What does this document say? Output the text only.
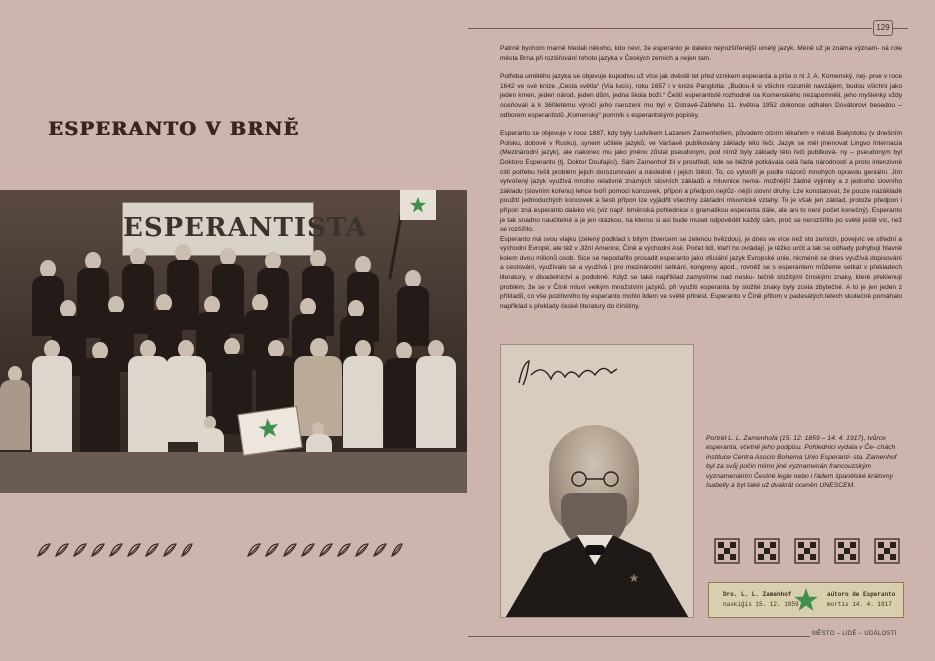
129
ESPERANTO V BRNĚ
ESPERANTISTA

Patrně bychom marně hledali někoho, kdo neví, že esperanto je daleko nejrozšířenější umělý jazyk. Méně už je známa význam- ná role města Brna při rozšiřování tohoto jazyka v Českých zemích a nejen tam.

Potřeba umělého jazyka se objevuje kupodivu už více jak dvěstě let před vznikem esperanta a píše o ní J. A. Komenský, nej- prve v roce 1642 ve své knize „Cesta světla“ (Via lucis), roku 1657 i v knize Panglotia: „Budou-li si všichni rozumět navzájem, budou všichni jako jeden kmen, jeden národ, jeden dům, jedna škola boží.“ Čeští esperantisté rozhodně na Komenského nezapomněli, jeho myšlenky vždy oceňovali a k 360letému výročí jeho narození mu byl v Ostravě-Zábřehu 11. května 1952 dokonce odhalen Dovátorovi besedou – odborem esperantistů „Komenský“ pomník s esperantskými popisky.

Esperanto se objevuje v roce 1887, kdy byly Ludvíkem Lazarem Zamenhofem, původem očním lékařem v městě Białystoku (v dnešním Polsku, dobově v Rusku), synem učitele jazyků, ve Varšavě publikovány základy této řeči. Jazyk se měl jmenovat Lingvo Internacia (Mezinárodní jazyk), ale nakonec mu jako jméno zůstal pseudonym, pod nímž byly základy této řeči publiková- ny – pseudonym byl Doktoro Esperanto (tj. Doktor Doufající). Sám Zamenhof žil v prostředí, kde se běžně potkávala celá řada národností a proto intenzivně cítil potřebu řešit problém jejich dorozumívání a následně i jejich štěstí. To, co vytvořil je podle názorů mnohých opravdu geniální. Jím vytvořený jazyk využívá mnoho relativně známých slovních základů a mluvnice nema- možnější žádné výjimky a z jednoho slovního základu (slovním kořenu) lehce tvoří pomocí koncovek, přípon a předpon nejrůz- nější slovní druhy. Lze konstatovat, že pouze nazákladě použití jednoduchých koncovek a šesti přípon lze vyjádřit všechny základní mluvnické vztahy. To je však jen základ, protože předpon i přípon zná esperanto daleko víc (viz např. brněnská pohlednice s gramatikou esperanta dále, ale ani to není počet konečný). Esperanto je tak snadno naučitelné a je jen otázkou, na kterou si asi bude muset odpovědět každý sám, proč se nerozšířilo po světě ještě víc, než se rozšířilo.

Esperanto má svou vlajku (zelený podklad s bílým čtvercem se zelenou hvězdou), je dnes ve více než sto zemích, povejvíc ve střední a východní Evropě, ale též v Jižní Americe, Číně a východní Asii. Počet lidí, kteří ho ovládají, je těžko určit a tak se odhady pohybují hlavně kolem dvou milionů osob. Sice se nepodařilo prosadit esperanto jako oficiální jazyk Evropské unie, nicméně se dnes využívá dopisování a cestování, využívalo se a využívá i pro mezinárodní setkání, kongresy apod., rovněž se s esperantem můžeme setkat v překladech literatury, v divadelnictví a podobně. Když se také například zamyslíme nad nesku- tečně složitými čínskými znaky, které překlenují problém, že se v Číně mluví velkým množstvím jazyků, při využití esperanta by složité znaky byly zcela zbytečné. A to je jen jeden z příkladů, co vše pozitivního by esperanto mohlo lidem ve světě přinést. Esperanto v Číně přitom v padesátých letech skutečně pomáhalo například s překlady české literatury do čínštiny.

Portrét L. L. Zamenhofa (15. 12. 1859 – 14. 4. 1917), tvůrce esperanta, včetně jeho podpisu. Pohlednici vydala v Če- chách instituce Centra Asocio Bohema Unio Esperanti- sta. Zamenhof byl za svůj počin mimo jiné vyznamenán francouzským vyznamenáním Čestné legie nebo i řádem španělské královny Isabelly a byl také už dvakrát oceněn UNESCEM.
Dro. L. L. Zamenhof
naskiĝis 15. 12. 1859
aŭtoro de Esperanto
mortis 14. 4. 1917
MĚSTO – LIDÉ – UDÁLOSTI
